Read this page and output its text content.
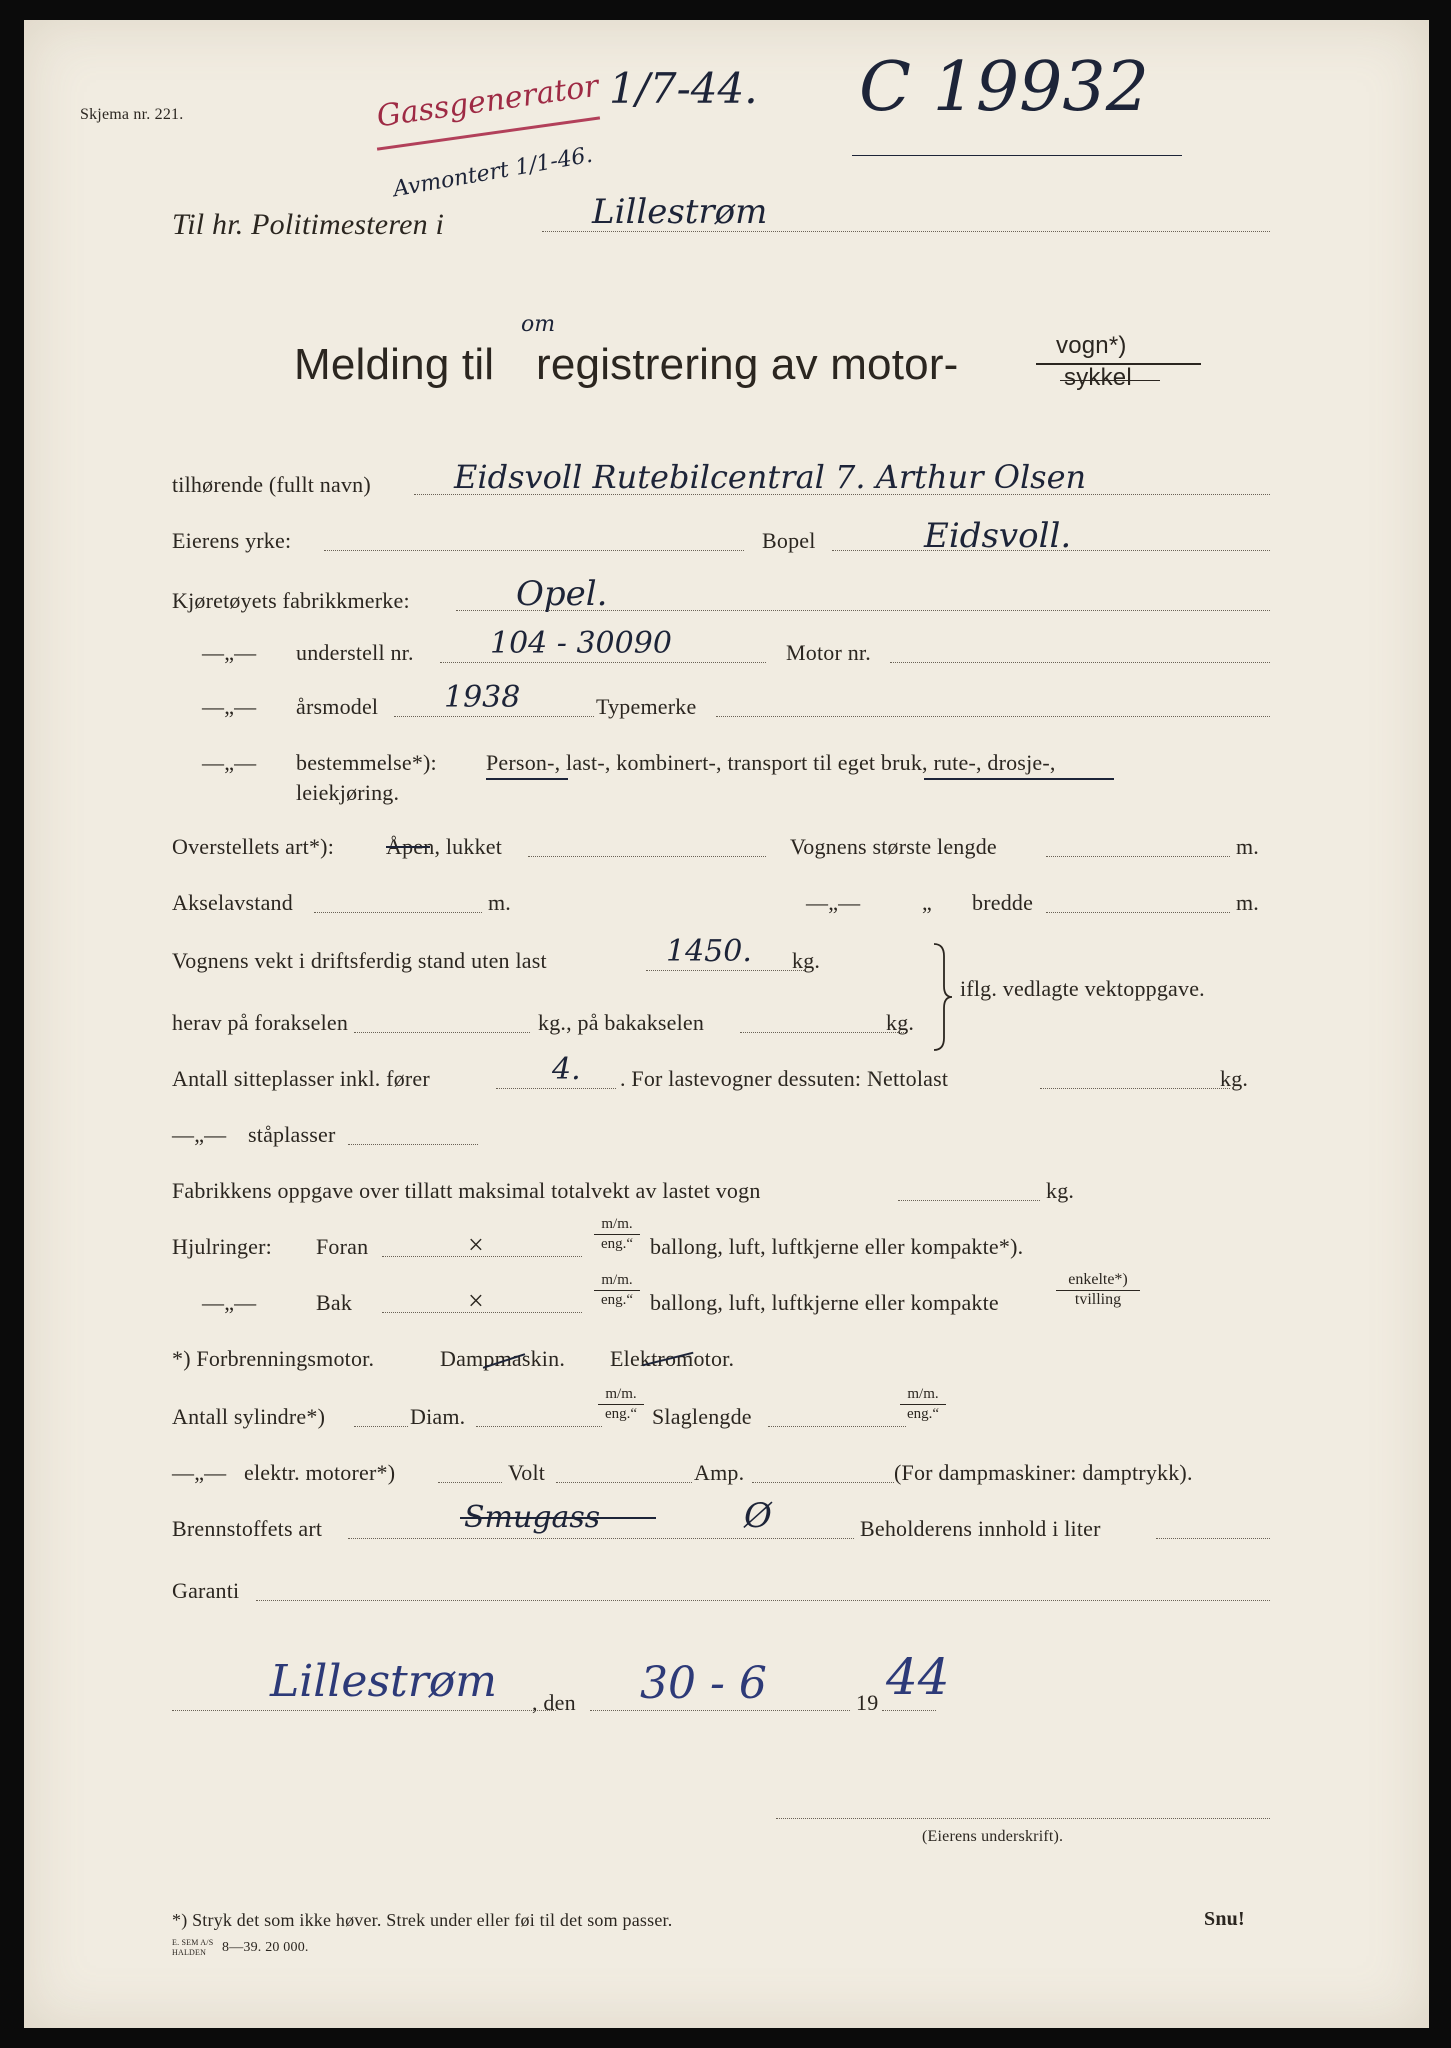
Skjema nr. 221.	Gassgenerator 1/7-44.
Avmontert 1/1-46.
C 19932
Til hr. Politimesteren i	Lillestrøm
Melding til
om
registrering av motor-	vogn*)
sykkel
tilhørende (fullt navn)	Eidsvoll Rutebilcentral 7. Arthur Olsen
Eierens yrke:	Bopel	Eidsvoll.
Kjøretøyets fabrikkmerke:	Opel.
—„— understell nr.	104 - 30090	Motor nr.
—„— årsmodel 1938	Typemerke
—„— bestemmelse*): Person-, last-, kombinert-, transport til eget bruk, rute-, drosje-,
leiekjøring.
Overstellets art*): Åpen, lukket	Vognens største lengde	m.
Akselavstand	m.	—„—	„ bredde	m.
Vognens vekt i driftsferdig stand uten last	1450. kg.
herav på forakselen	kg., på bakakselen	kg.
iflg. vedlagte vektoppgave.
Antall sitteplasser inkl. fører	4. . For lastevogner dessuten: Nettolast	kg.
—„— ståplasser
Fabrikkens oppgave over tillatt maksimal totalvekt av lastet vogn	kg.
Hjulringer: Foran	×
m/m.
eng.“ ballong, luft, luftkjerne eller kompakte*).
—„—	Bak	×
m/m.
eng.“ ballong, luft, luftkjerne eller kompakte
enkelte*)
tvilling
*) Forbrenningsmotor.	Dampmaskin. Elektromotor.
Antall sylindre*)	Diam.
m/m.
eng.“ Slaglengde
m/m.
eng.“
—„— elektr. motorer*)	Volt	Amp.	(For dampmaskiner: damptrykk).
Brennstoffets art	Smugass	Ø	Beholderens innhold i liter
Garanti
Lillestrøm , den 30 - 6	19 44
(Eierens underskrift).
*) Stryk det som ikke høver. Strek under eller føi til det som passer.	Snu!
E. SEM A/S HALDEN	8—39. 20 000.
